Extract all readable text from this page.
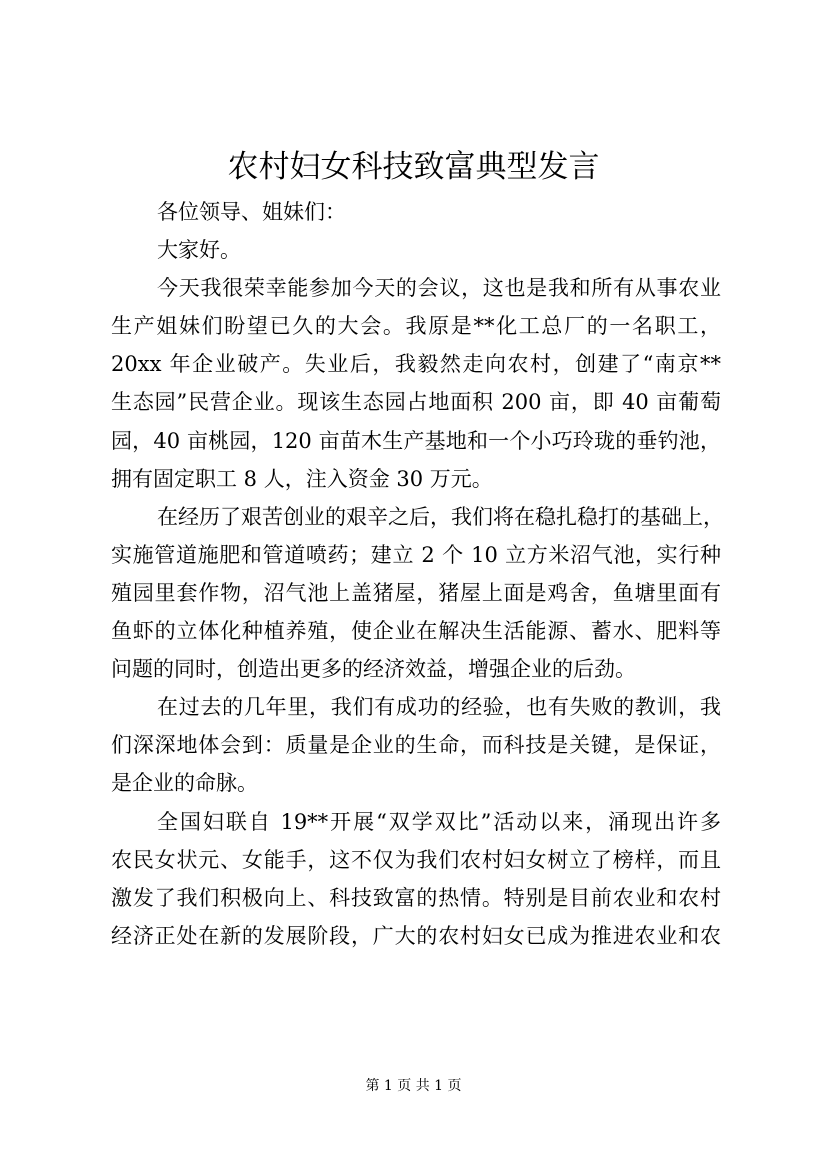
农村妇女科技致富典型发言
各位领导、姐妹们：
大家好。
今天我很荣幸能参加今天的会议，这也是我和所有从事农业
生产姐妹们盼望已久的大会。我原是**化工总厂的一名职工，
20xx 年企业破产。失业后，我毅然走向农村，创建了“南京**
生态园”民营企业。现该生态园占地面积 200 亩，即 40 亩葡萄
园，40 亩桃园，120 亩苗木生产基地和一个小巧玲珑的垂钓池，
拥有固定职工 8 人，注入资金 30 万元。
在经历了艰苦创业的艰辛之后，我们将在稳扎稳打的基础上，
实施管道施肥和管道喷药；建立 2 个 10 立方米沼气池，实行种
殖园里套作物，沼气池上盖猪屋，猪屋上面是鸡舍，鱼塘里面有
鱼虾的立体化种植养殖，使企业在解决生活能源、蓄水、肥料等
问题的同时，创造出更多的经济效益，增强企业的后劲。
在过去的几年里，我们有成功的经验，也有失败的教训，我
们深深地体会到：质量是企业的生命，而科技是关键，是保证，
是企业的命脉。
全国妇联自 19**开展“双学双比”活动以来，涌现出许多
农民女状元、女能手，这不仅为我们农村妇女树立了榜样，而且
激发了我们积极向上、科技致富的热情。特别是目前农业和农村
经济正处在新的发展阶段，广大的农村妇女已成为推进农业和农
第 1 页 共 1 页
